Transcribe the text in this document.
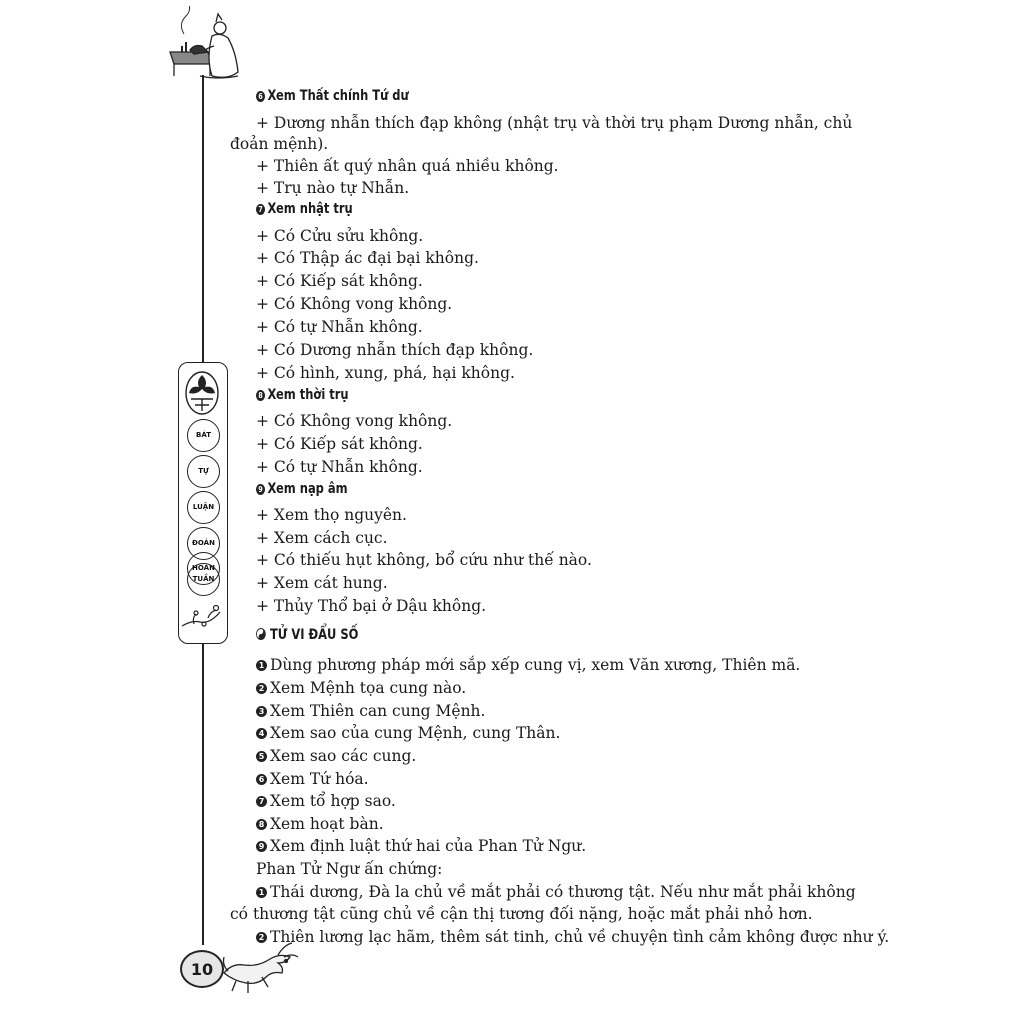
BÁT
TỰ
LUẬN
ĐOÁN
TUẦN
HOÀN
10
6 Xem Thất chính Tứ dư
+ Dương nhẫn thích đạp không (nhật trụ và thời trụ phạm Dương nhẫn, chủ
đoản mệnh).
+ Thiên ất quý nhân quá nhiều không.
+ Trụ nào tự Nhẫn.
7 Xem nhật trụ
+ Có Cửu sửu không.
+ Có Thập ác đại bại không.
+ Có Kiếp sát không.
+ Có Không vong không.
+ Có tự Nhẫn không.
+ Có Dương nhẫn thích đạp không.
+ Có hình, xung, phá, hại không.
8 Xem thời trụ
+ Có Không vong không.
+ Có Kiếp sát không.
+ Có tự Nhẫn không.
9 Xem nạp âm
+ Xem thọ nguyên.
+ Xem cách cục.
+ Có thiếu hụt không, bổ cứu như thế nào.
+ Xem cát hung.
+ Thủy Thổ bại ở Dậu không.
TỬ VI ĐẨU SỐ
1 Dùng phương pháp mới sắp xếp cung vị, xem Văn xương, Thiên mã.
2 Xem Mệnh tọa cung nào.
3 Xem Thiên can cung Mệnh.
4 Xem sao của cung Mệnh, cung Thân.
5 Xem sao các cung.
6 Xem Tứ hóa.
7 Xem tổ hợp sao.
8 Xem hoạt bàn.
9 Xem định luật thứ hai của Phan Tử Ngư.
Phan Tử Ngư ấn chứng:
1 Thái dương, Đà la chủ về mắt phải có thương tật. Nếu như mắt phải không
có thương tật cũng chủ về cận thị tương đối nặng, hoặc mắt phải nhỏ hơn.
2 Thiên lương lạc hãm, thêm sát tinh, chủ về chuyện tình cảm không được như ý.
